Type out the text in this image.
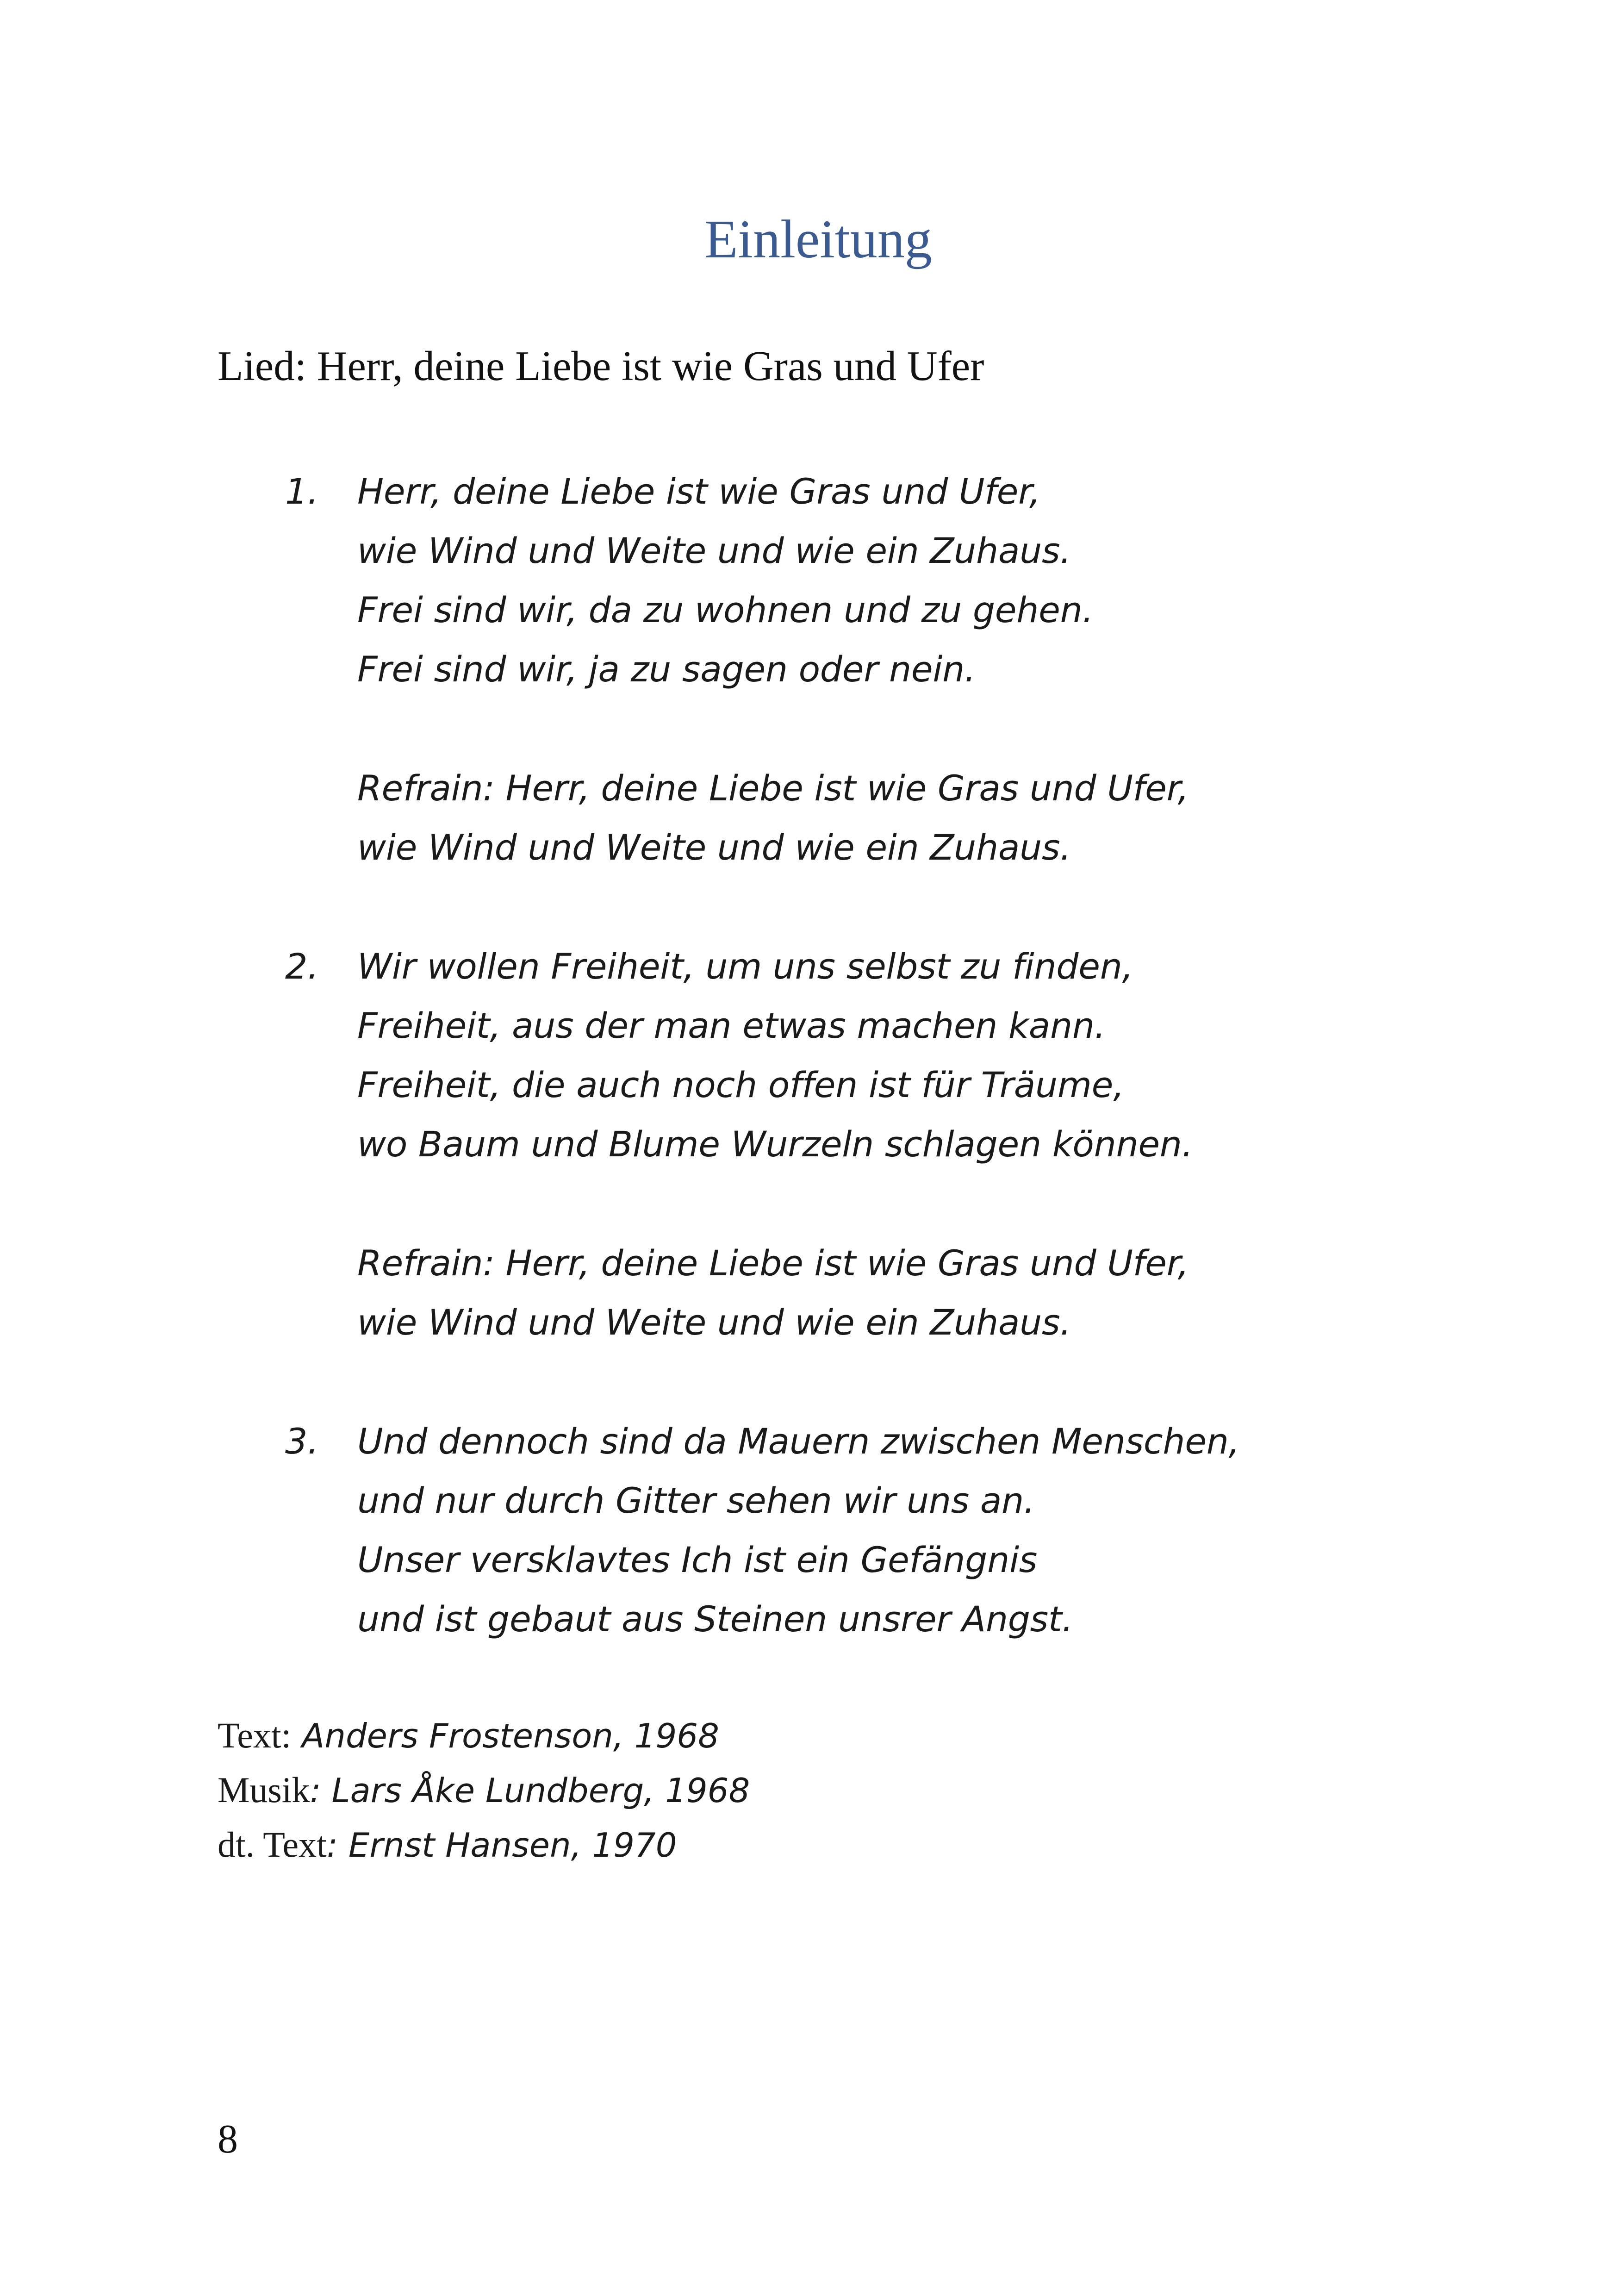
Einleitung
Lied: Herr, deine Liebe ist wie Gras und Ufer
1. Herr, deine Liebe ist wie Gras und Ufer,
wie Wind und Weite und wie ein Zuhaus.
Frei sind wir, da zu wohnen und zu gehen.
Frei sind wir, ja zu sagen oder nein.
Refrain: Herr, deine Liebe ist wie Gras und Ufer,
wie Wind und Weite und wie ein Zuhaus.
2. Wir wollen Freiheit, um uns selbst zu finden,
Freiheit, aus der man etwas machen kann.
Freiheit, die auch noch offen ist für Träume,
wo Baum und Blume Wurzeln schlagen können.
Refrain: Herr, deine Liebe ist wie Gras und Ufer,
wie Wind und Weite und wie ein Zuhaus.
3. Und dennoch sind da Mauern zwischen Menschen,
und nur durch Gitter sehen wir uns an.
Unser versklavtes Ich ist ein Gefängnis
und ist gebaut aus Steinen unsrer Angst.
Text: Anders Frostenson, 1968
Musik: Lars Åke Lundberg, 1968
dt. Text: Ernst Hansen, 1970
8
